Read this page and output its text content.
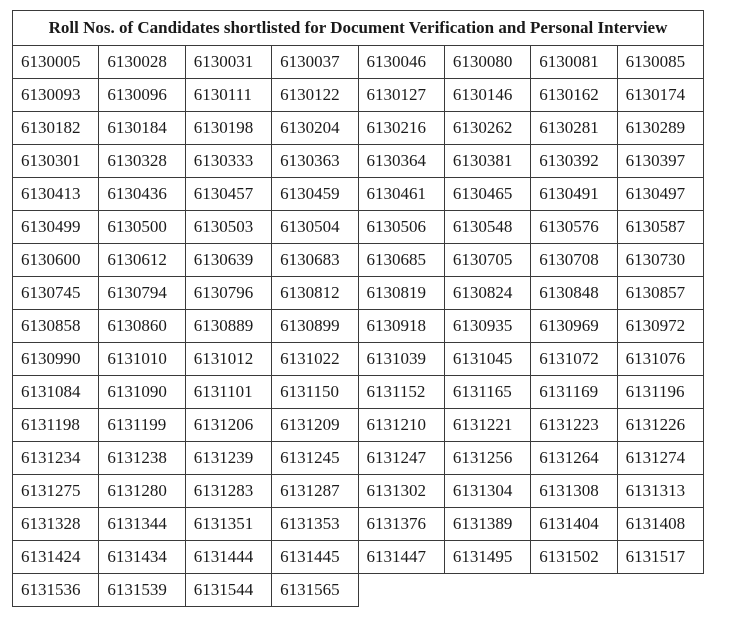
Roll Nos. of Candidates shortlisted for Document Verification and Personal Interview							
6130005	6130028	6130031	6130037	6130046	6130080	6130081	6130085
6130093	6130096	6130111	6130122	6130127	6130146	6130162	6130174
6130182	6130184	6130198	6130204	6130216	6130262	6130281	6130289
6130301	6130328	6130333	6130363	6130364	6130381	6130392	6130397
6130413	6130436	6130457	6130459	6130461	6130465	6130491	6130497
6130499	6130500	6130503	6130504	6130506	6130548	6130576	6130587
6130600	6130612	6130639	6130683	6130685	6130705	6130708	6130730
6130745	6130794	6130796	6130812	6130819	6130824	6130848	6130857
6130858	6130860	6130889	6130899	6130918	6130935	6130969	6130972
6130990	6131010	6131012	6131022	6131039	6131045	6131072	6131076
6131084	6131090	6131101	6131150	6131152	6131165	6131169	6131196
6131198	6131199	6131206	6131209	6131210	6131221	6131223	6131226
6131234	6131238	6131239	6131245	6131247	6131256	6131264	6131274
6131275	6131280	6131283	6131287	6131302	6131304	6131308	6131313
6131328	6131344	6131351	6131353	6131376	6131389	6131404	6131408
6131424	6131434	6131444	6131445	6131447	6131495	6131502	6131517
6131536	6131539	6131544	6131565				
